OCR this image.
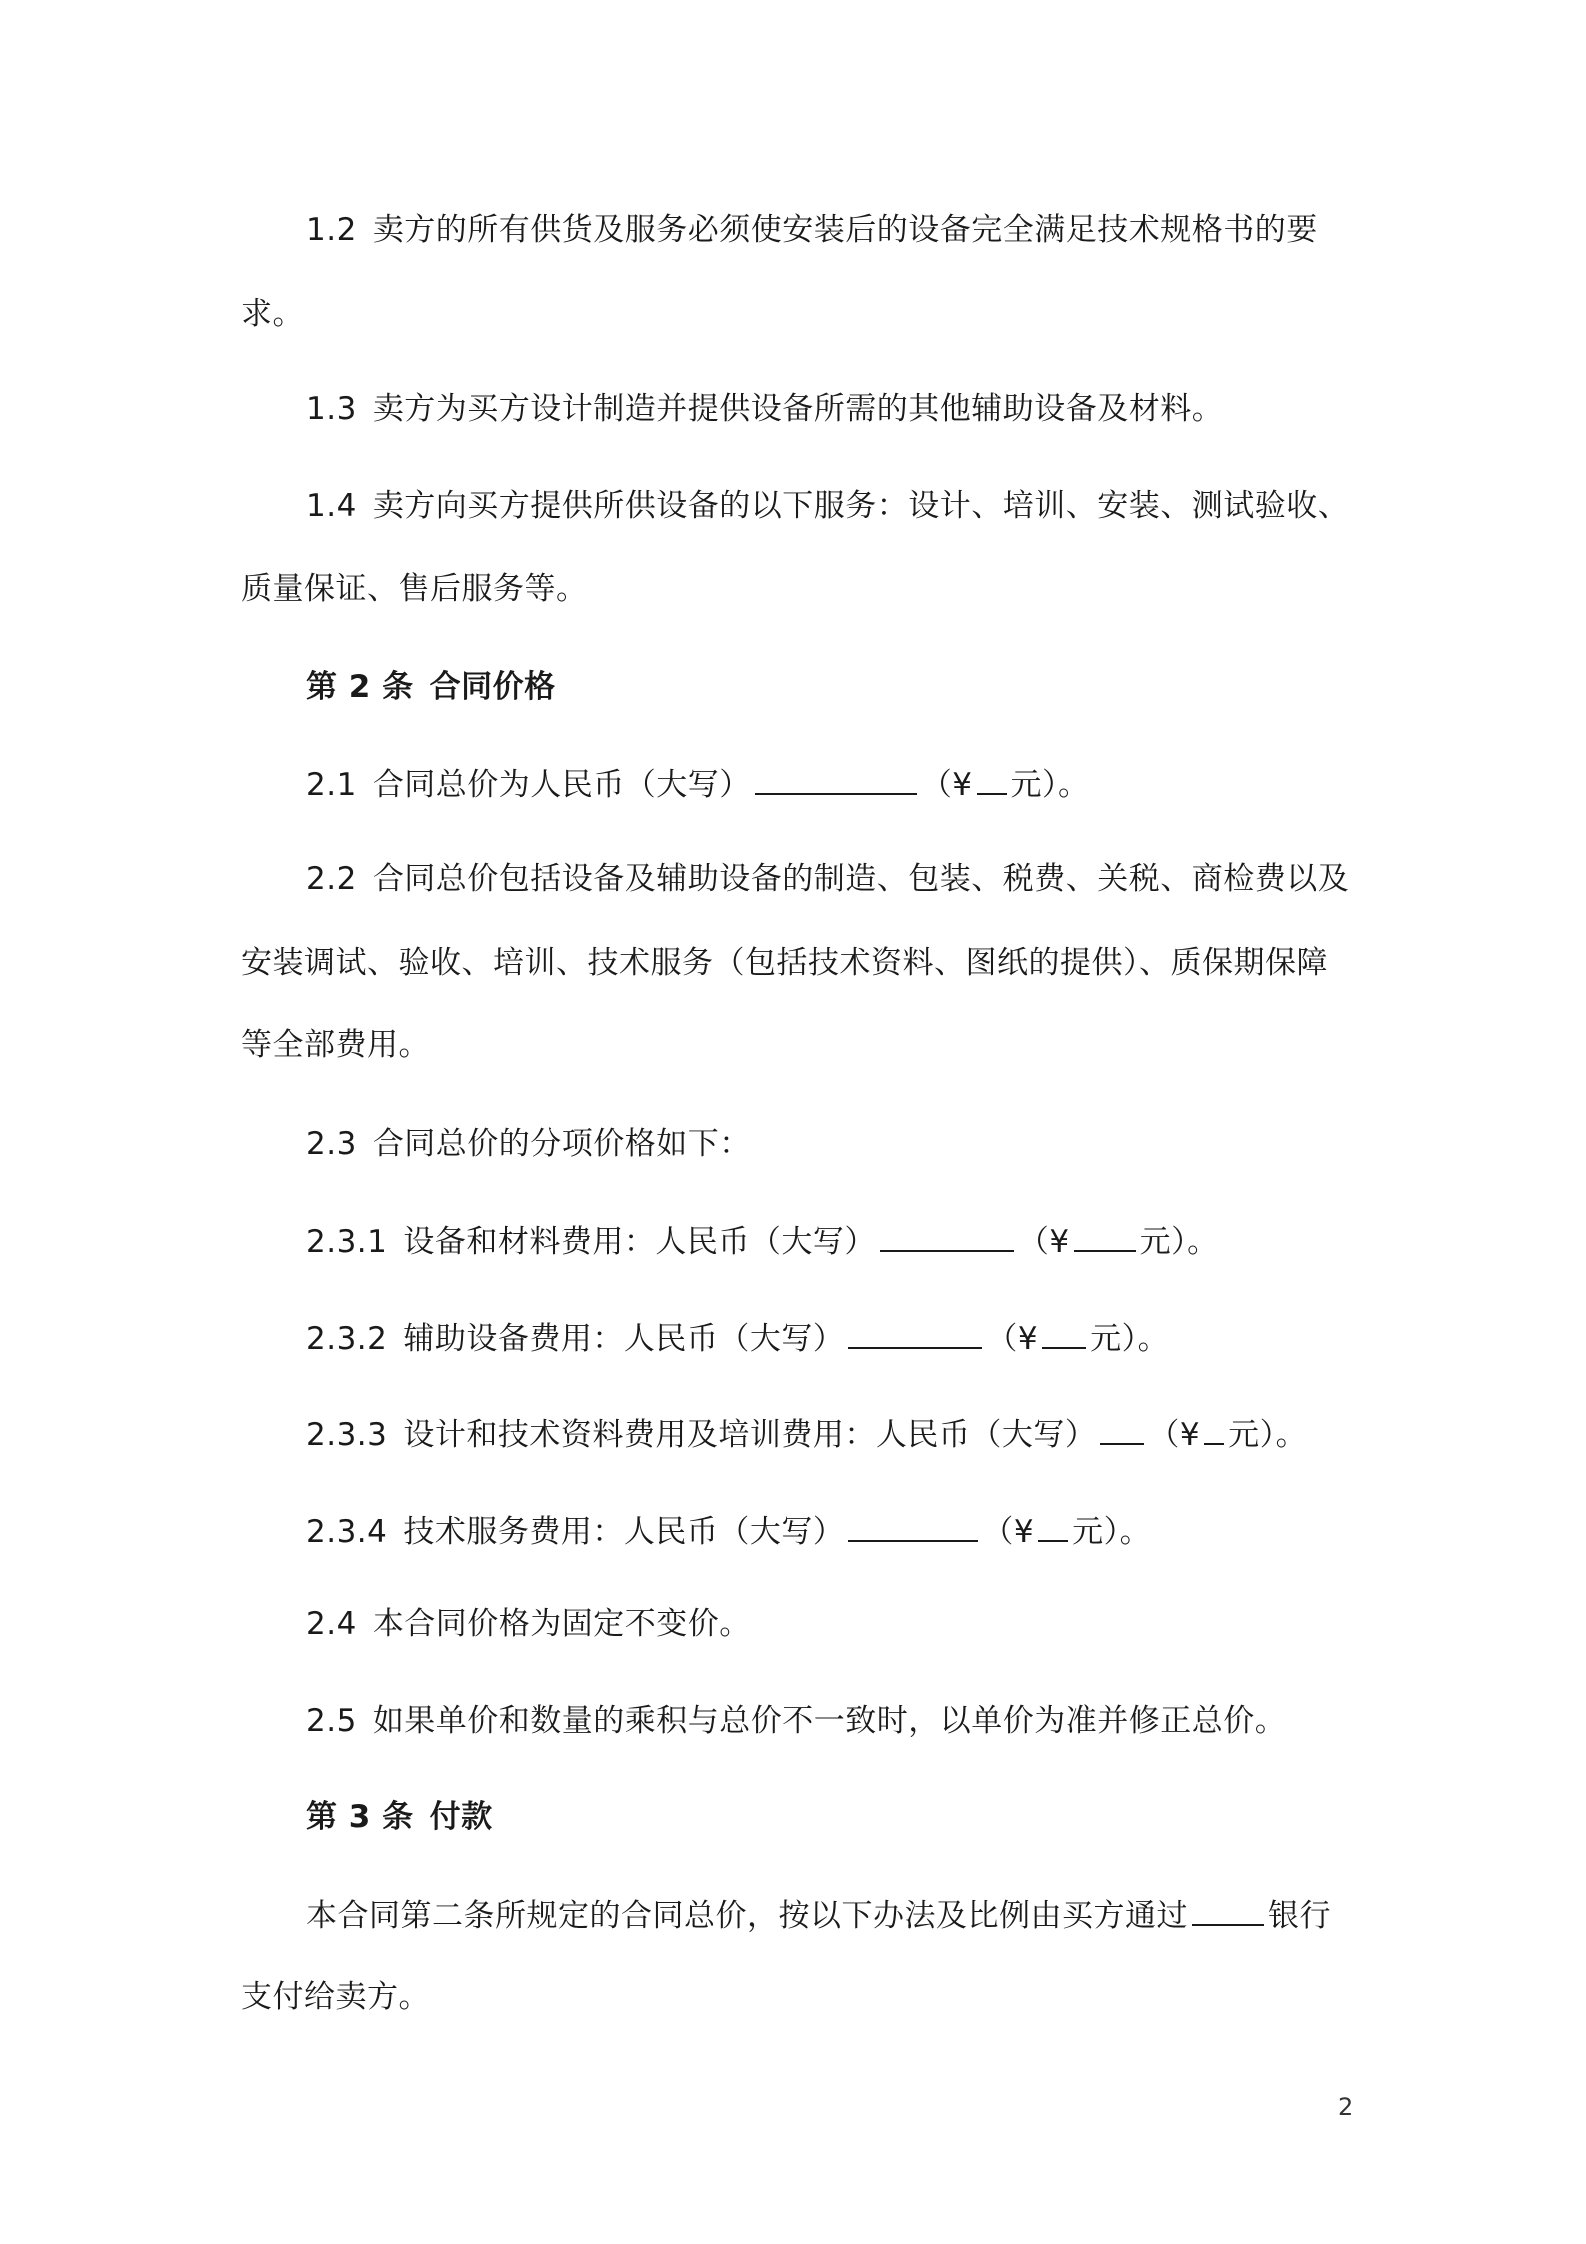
1.2 卖方的所有供货及服务必须使安装后的设备完全满足技术规格书的要
求。
1.3 卖方为买方设计制造并提供设备所需的其他辅助设备及材料。
1.4 卖方向买方提供所供设备的以下服务：设计、培训、安装、测试验收、
质量保证、售后服务等。
第 2 条 合同价格
2.1 合同总价为人民币（大写）	（¥ 元）。
2.2 合同总价包括设备及辅助设备的制造、包装、税费、关税、商检费以及
安装调试、验收、培训、技术服务（包括技术资料、图纸的提供）、质保期保障
等全部费用。
2.3 合同总价的分项价格如下：
2.3.1 设备和材料费用：人民币（大写）	（¥ 元）。
2.3.2 辅助设备费用：人民币（大写）	（¥ 元）。
2.3.3 设计和技术资料费用及培训费用：人民币（大写） （¥ 元）。
2.3.4 技术服务费用：人民币（大写）	（¥ 元）。
2.4 本合同价格为固定不变价。
2.5 如果单价和数量的乘积与总价不一致时，以单价为准并修正总价。
第 3 条 付款
本合同第二条所规定的合同总价，按以下办法及比例由买方通过	银行
支付给卖方。
2
